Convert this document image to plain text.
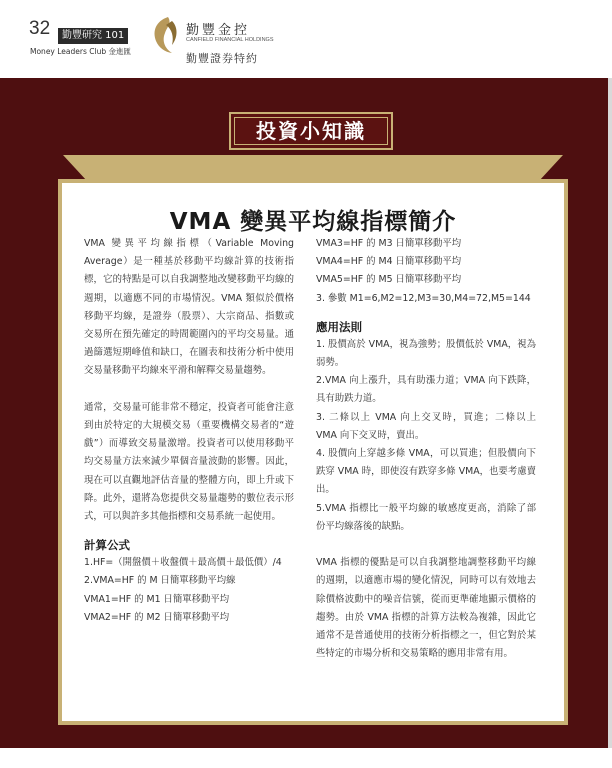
32	勤豐研究 101
Money Leaders Club 金進匯
勤豐金控
CANFIELD FINANCIAL HOLDINGS
勤豐證券特約
投資小知識
VMA 變異平均線指標簡介

VMA 變異平均線指標（Variable Moving Average）是一種基於移動平均線計算的技術指標，它的特點是可以自我調整地改變移動平均線的週期，以適應不同的市場情況。VMA 類似於價格移動平均線，是證券（股票）、大宗商品、指數或交易所在預先確定的時間範圍內的平均交易量。通過篩選短期峰值和缺口，在圖表和技術分析中使用交易量移動平均線來平滑和解釋交易量趨勢。

通常，交易量可能非常不穩定，投資者可能會注意到由於特定的大規模交易（重要機構交易者的“遊戲”）而導致交易量激增。投資者可以使用移動平均交易量方法來減少單個音量波動的影響。因此，現在可以直觀地評估音量的整體方向，即上升或下降。此外，還將為您提供交易量趨勢的數位表示形式，可以與許多其他指標和交易系統一起使用。

計算公式

1.HF=（開盤價＋收盤價＋最高價＋最低價）/4

2.VMA=HF 的 M 日簡單移動平均線

VMA1=HF 的 M1 日簡單移動平均

VMA2=HF 的 M2 日簡單移動平均

VMA3=HF 的 M3 日簡單移動平均

VMA4=HF 的 M4 日簡單移動平均

VMA5=HF 的 M5 日簡單移動平均

3. 參數 M1=6,M2=12,M3=30,M4=72,M5=144

應用法則

1. 股價高於 VMA，視為強勢；股價低於 VMA，視為弱勢。

2.VMA 向上漲升，具有助漲力道；VMA 向下跌降，具有助跌力道。

3. 二條以上 VMA 向上交叉時，買進；二條以上 VMA 向下交叉時，賣出。

4. 股價向上穿越多條 VMA，可以買進；但股價向下跌穿 VMA 時，即使沒有跌穿多條 VMA，也要考慮賣出。

5.VMA 指標比一般平均線的敏感度更高，消除了部份平均線落後的缺點。

VMA 指標的優點是可以自我調整地調整移動平均線的週期，以適應市場的變化情況，同時可以有效地去除價格波動中的噪音信號，從而更準確地顯示價格的趨勢。由於 VMA 指標的計算方法較為複雜，因此它通常不是普通使用的技術分析指標之一，但它對於某些特定的市場分析和交易策略的應用非常有用。
